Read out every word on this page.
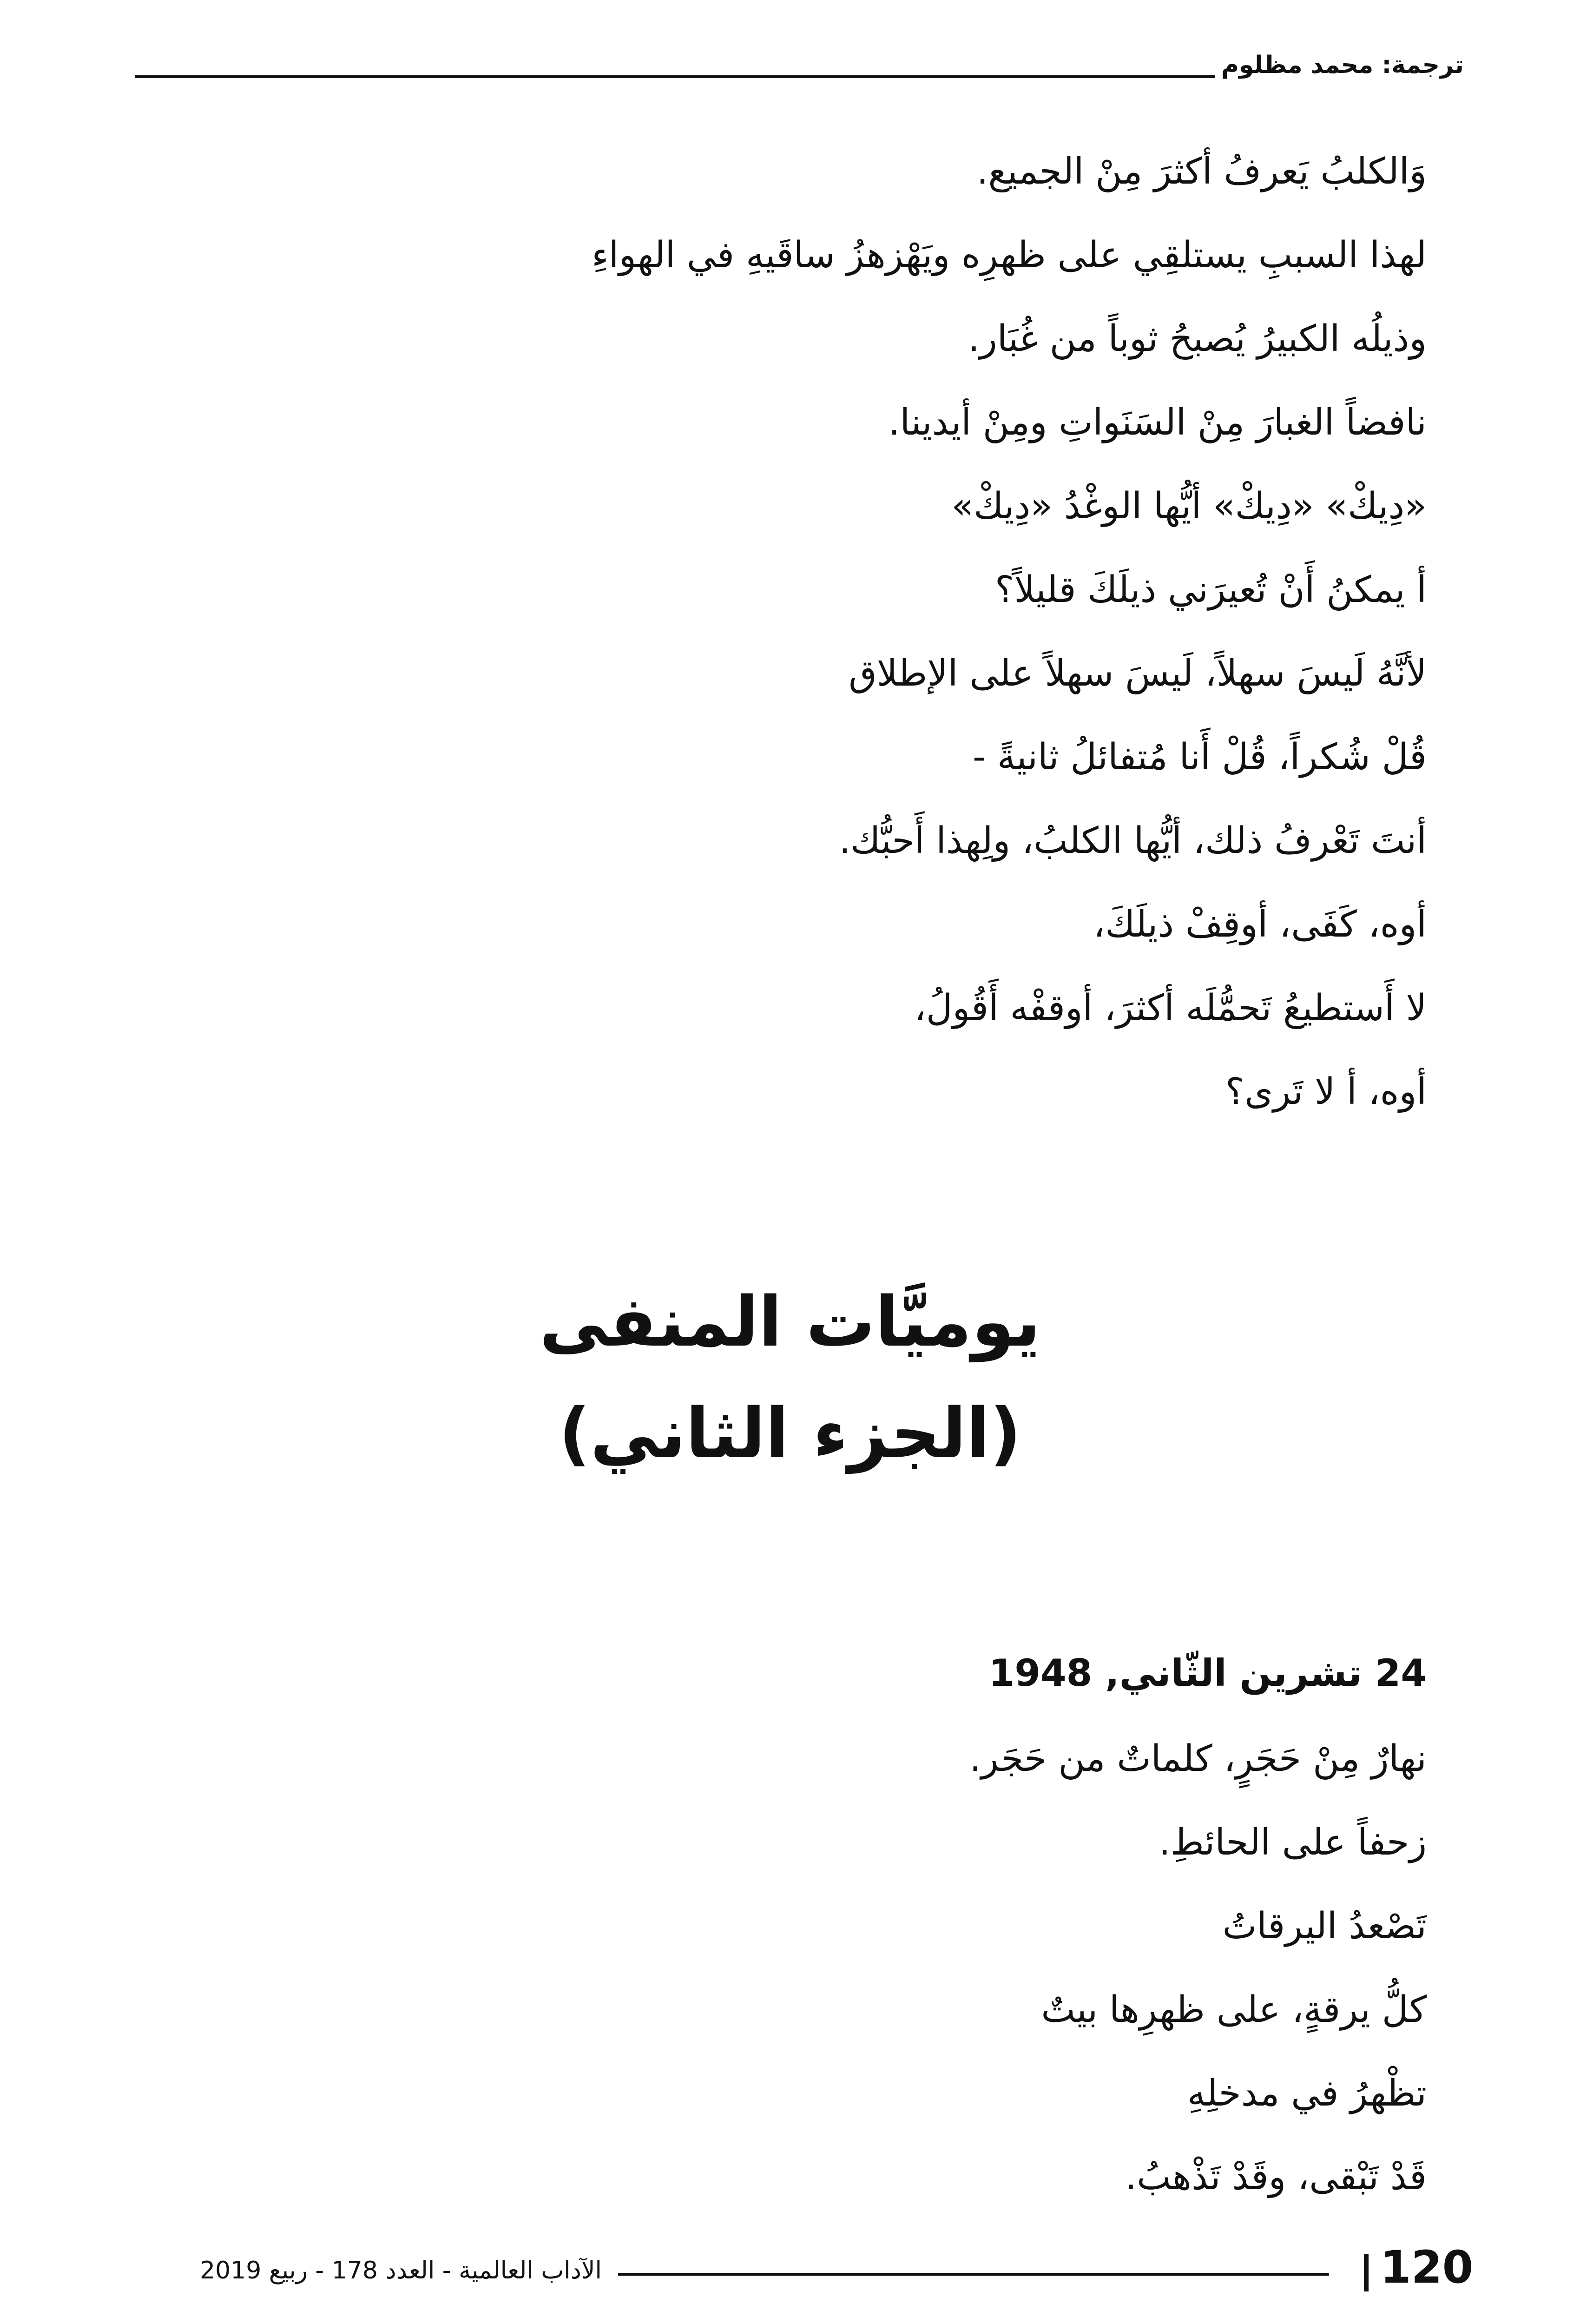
ترجمة: محمد مظلوم
وَالكلبُ يَعرفُ أكثرَ مِنْ الجميع.
لهذا السببِ يستلقِي على ظهرِه ويَهْزهزُ ساقَيهِ في الهواءِ
وذيلُه الكبيرُ يُصبحُ ثوباً من غُبَار.
نافضاً الغبارَ مِنْ السَنَواتِ ومِنْ أيدينا.
«دِيكْ» «دِيكْ» أيُّها الوغْدُ «دِيكْ»
أ يمكنُ أَنْ تُعيرَني ذيلَكَ قليلاً؟
لأنَّهُ لَيسَ سهلاً، لَيسَ سهلاً على الإطلاق
قُلْ شُكراً، قُلْ أَنا مُتفائلُ ثانيةً -
أنتَ تَعْرفُ ذلك، أيُّها الكلبُ، ولِهذا أَحبُّك.
أوه، كَفَى، أوقِفْ ذيلَكَ،
لا أَستطيعُ تَحمُّلَه أكثرَ، أوقفْه أَقُولُ،
أوه، أ لا تَرى؟
يوميَّات المنفى
(الجزء الثاني)
24 تشرين الثّاني, 1948
نهارٌ مِنْ حَجَرٍ، كلماتٌ من حَجَر.
زحفاً على الحائطِ.
تَصْعدُ اليرقاتُ
كلُّ يرقةٍ، على ظهرِها بيتٌ
تظْهرُ في مدخلِهِ
قَدْ تَبْقى، وقَدْ تَذْهبُ.
120
الآداب العالمية - العدد 178 - ربيع 2019
